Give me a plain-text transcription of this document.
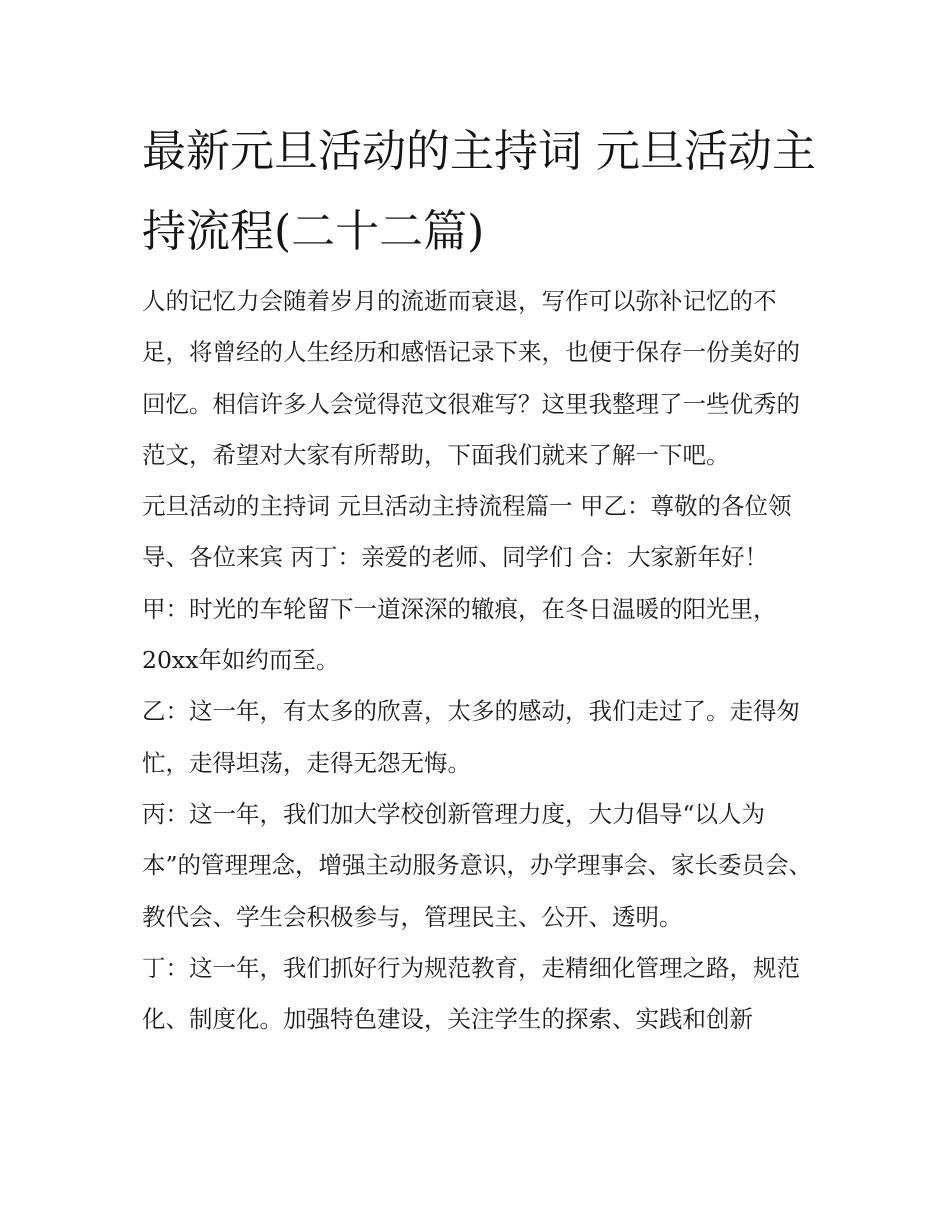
最新元旦活动的主持词 元旦活动主持流程(二十二篇)

人的记忆力会随着岁月的流逝而衰退，写作可以弥补记忆的不足，将曾经的人生经历和感悟记录下来，也便于保存一份美好的回忆。相信许多人会觉得范文很难写？这里我整理了一些优秀的范文，希望对大家有所帮助，下面我们就来了解一下吧。

元旦活动的主持词 元旦活动主持流程篇一 甲乙：尊敬的各位领导、各位来宾 丙丁：亲爱的老师、同学们 合：大家新年好！

甲：时光的车轮留下一道深深的辙痕，在冬日温暖的阳光里，20xx年如约而至。

乙：这一年，有太多的欣喜，太多的感动，我们走过了。走得匆忙，走得坦荡，走得无怨无悔。

丙：这一年，我们加大学校创新管理力度，大力倡导“以人为本”的管理理念，增强主动服务意识，办学理事会、家长委员会、教代会、学生会积极参与，管理民主、公开、透明。

丁：这一年，我们抓好行为规范教育，走精细化管理之路，规范化、制度化。加强特色建设，关注学生的探索、实践和创新
